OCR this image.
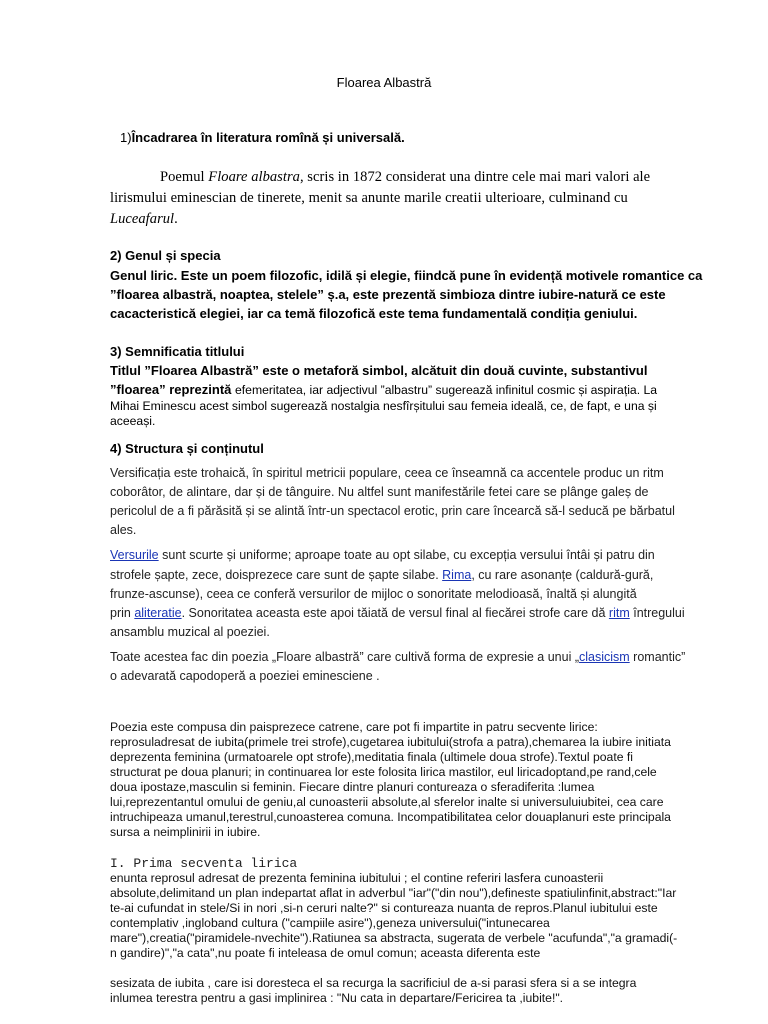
Floarea Albastră
1)Încadrarea în literatura romînă și universală.
Poemul Floare albastra, scris in 1872 considerat una dintre cele mai mari valori ale
lirismului eminescian de tinerete, menit sa anunte marile creatii ulterioare, culminand cu
Luceafarul.
2) Genul și specia
Genul liric. Este un poem filozofic, idilă și elegie, fiindcă pune în evidență motivele romantice ca
”floarea albastră, noaptea, stelele” ș.a, este prezentă simbioza dintre iubire-natură ce este
cacacteristică elegiei, iar ca temă filozofică este tema fundamentală condiția geniului.
3) Semnificatia titlului
Titlul ”Floarea Albastră” este o metaforă simbol, alcătuit din două cuvinte, substantivul
”floarea” reprezintă efemeritatea, iar adjectivul ”albastru” sugerează infinitul cosmic și aspirația. La
Mihai Eminescu acest simbol sugerează nostalgia nesfîrșitului sau femeia ideală, ce, de fapt, e una și
aceeași.
4) Structura și conținutul
Versificația este trohaică, în spiritul metricii populare, ceea ce înseamnă ca accentele produc un ritm
coborâtor, de alintare, dar și de tânguire. Nu altfel sunt manifestările fetei care se plânge galeș de
pericolul de a fi părăsită și se alintă într-un spectacol erotic, prin care încearcă să-l seducă pe bărbatul
ales.
Versurile sunt scurte și uniforme; aproape toate au opt silabe, cu excepția versului întâi și patru din
strofele șapte, zece, doisprezece care sunt de șapte silabe. Rima, cu rare asonanțe (caldură-gură,
frunze-ascunse), ceea ce conferă versurilor de mijloc o sonoritate melodioasă, înaltă și alungită
prin aliteratie. Sonoritatea aceasta este apoi tăiată de versul final al fiecărei strofe care dă ritm întregului
ansamblu muzical al poeziei.
Toate acestea fac din poezia „Floare albastră” care cultivă forma de expresie a unui „clasicism romantic”
o adevarată capodoperă a poeziei eminesciene .
Poezia este compusa din paisprezece catrene, care pot fi impartite in patru secvente lirice:
reprosuladresat de iubita(primele trei strofe),cugetarea iubitului(strofa a patra),chemarea la iubire initiata
deprezenta feminina (urmatoarele opt strofe),meditatia finala (ultimele doua strofe).Textul poate fi
structurat pe doua planuri; in continuarea lor este folosita lirica mastilor, eul liricadoptand,pe rand,cele
doua ipostaze,masculin si feminin. Fiecare dintre planuri contureaza o sferadiferita :lumea
lui,reprezentantul omului de geniu,al cunoasterii absolute,al sferelor inalte si universuluiubitei, cea care
intruchipeaza umanul,terestrul,cunoasterea comuna. Incompatibilitatea celor douaplanuri este principala
sursa a neimplinirii in iubire.
I. Prima secventa lirica
enunta reprosul adresat de prezenta feminina iubitului ; el contine referiri lasfera cunoasterii
absolute,delimitand un plan indepartat aflat in adverbul "iar"("din nou"),defineste spatiulinfinit,abstract:"Iar
te-ai cufundat in stele/Si in nori ,si-n ceruri nalte?" si contureaza nuanta de repros.Planul iubitului este
contemplativ ,ingloband cultura ("campiile asire"),geneza universului("intunecarea
mare"),creatia("piramidele-nvechite").Ratiunea sa abstracta, sugerata de verbele "acufunda","a gramadi(-
n gandire)","a cata",nu poate fi inteleasa de omul comun; aceasta diferenta este
sesizata de iubita , care isi doresteca el sa recurga la sacrificiul de a-si parasi sfera si a se integra
inlumea terestra pentru a gasi implinirea : "Nu cata in departare/Fericirea ta ,iubite!".
